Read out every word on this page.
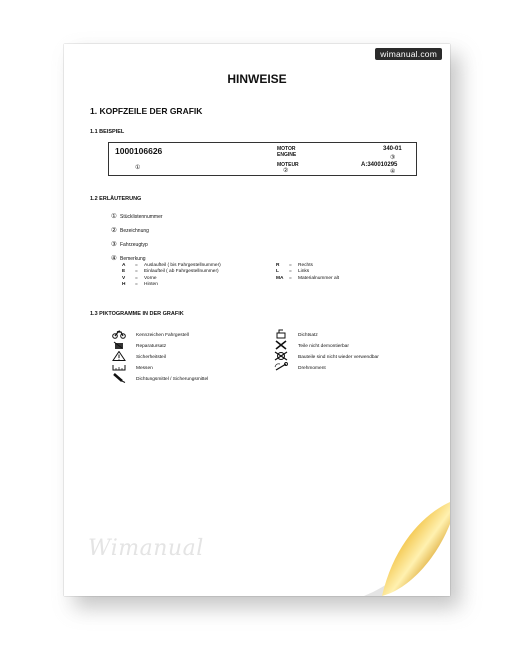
wimanual.com
HINWEISE
1. KOPFZEILE DER GRAFIK
1.1 BEISPIEL
1000106626
①
MOTOR
ENGINE
MOTEUR
②
340-01
③
A:340010295
④
1.2 ERLÄUTERUNG
① Stücklistennummer
② Bezeichnung
③ Fahrzeugtyp
④ Bemerkung
A = Auslaufteil ( bis Fahrgestellnummer)
E = Einlaufteil ( ab Fahrgestellnummer)
V = Vorne
H = Hinten
R = Rechts
L = Links
MA = Materialnummer alt
1.3 PIKTOGRAMME IN DER GRAFIK
Kennzeichen Fahrgestell
Reparatursatz
Sicherheitsteil
Messen
Dichtungsmittel / Sicherungsmittel
Dichtsatz
Teile nicht demontierbar
Bauteile sind nicht wieder verwendbar
Drehmoment
Wimanual
